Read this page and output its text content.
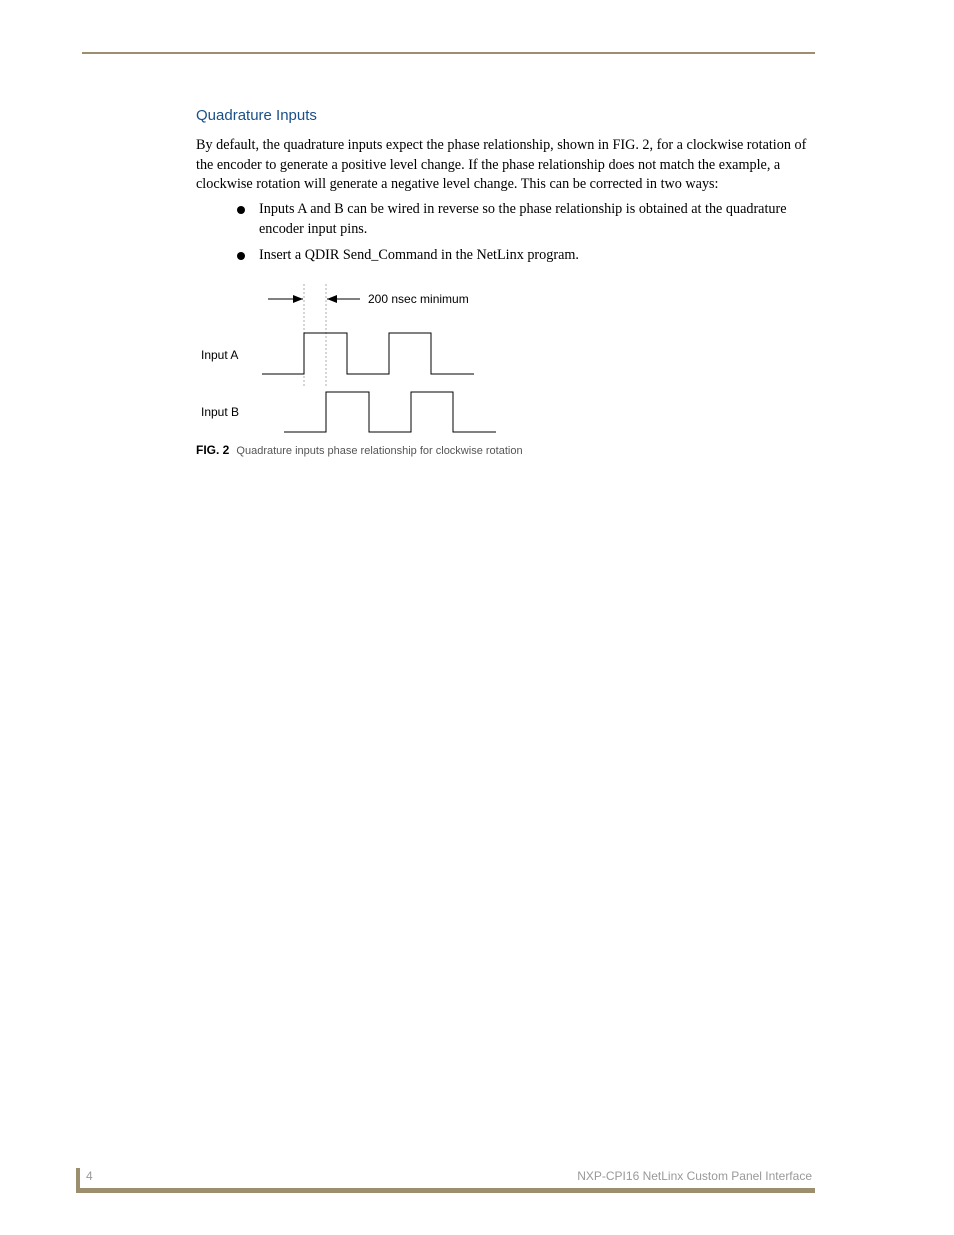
Quadrature Inputs

By default, the quadrature inputs expect the phase relationship, shown in FIG. 2, for a clockwise rotation of the encoder to generate a positive level change. If the phase relationship does not match the example, a clockwise rotation will generate a negative level change. This can be corrected in two ways:

Inputs A and B can be wired in reverse so the phase relationship is obtained at the quadrature encoder input pins.
Insert a QDIR Send_Command in the NetLinx program.
200 nsec minimum
Input A
Input B

FIG. 2 Quadrature inputs phase relationship for clockwise rotation

4	NXP-CPI16 NetLinx Custom Panel Interface
